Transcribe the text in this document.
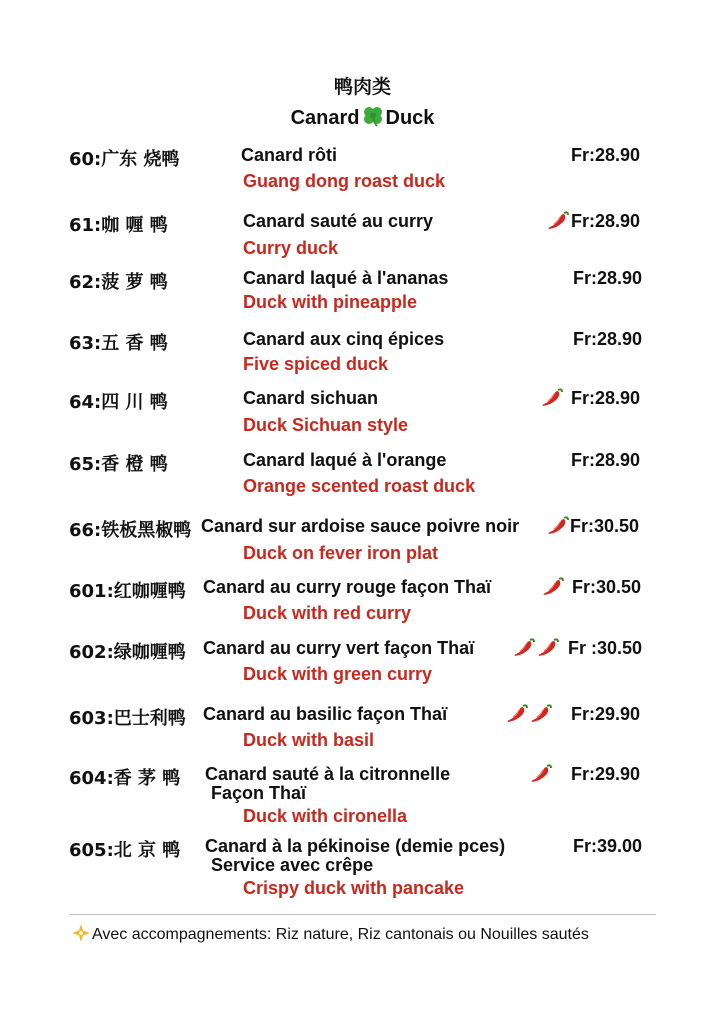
鸭肉类
Canard Duck
60:广东 烧鸭	Canard rôti	Fr:28.90
Guang dong roast duck
61:咖 喱 鸭	Canard sauté au curry	Fr:28.90
Curry duck
62:菠 萝 鸭	Canard laqué à l'ananas	Fr:28.90
Duck with pineapple
63:五 香 鸭	Canard aux cinq épices	Fr:28.90
Five spiced duck
64:四 川 鸭	Canard sichuan	Fr:28.90
Duck Sichuan style
65:香 橙 鸭	Canard laqué à l'orange	Fr:28.90
Orange scented roast duck
66:铁板黑椒鸭 Canard sur ardoise sauce poivre noir	Fr:30.50
Duck on fever iron plat
601:红咖喱鸭 Canard au curry rouge façon Thaï	Fr:30.50
Duck with red curry
602:绿咖喱鸭 Canard au curry vert façon Thaï	Fr :30.50
Duck with green curry
603:巴士利鸭 Canard au basilic façon Thaï	Fr:29.90
Duck with basil
604:香 茅 鸭 Canard sauté à la citronnelle
Façon Thaï
Fr:29.90
Duck with cironella
605:北 京 鸭 Canard à la pékinoise (demie pces)
Service avec crêpe
Fr:39.00
Crispy duck with pancake
Avec accompagnements: Riz nature, Riz cantonais ou Nouilles sautés
